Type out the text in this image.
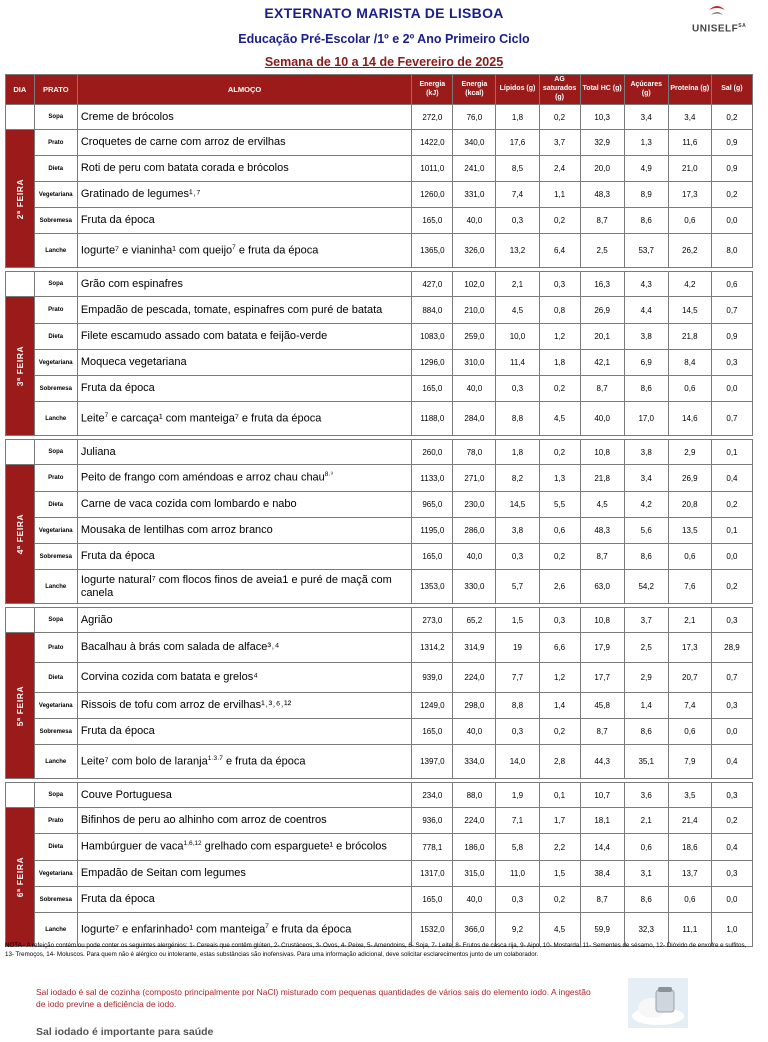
EXTERNATO MARISTA DE LISBOA
Educação Pré-Escolar /1º e 2º Ano Primeiro Ciclo
Semana de 10 a 14 de Fevereiro de 2025
$UNISELF^{SA}$
DIA	PRATO	ALMOÇO	Energia (kJ)	Energia (kcal)	Lípidos (g)	AG saturados (g)	Total HC (g)	Açúcares (g)	Proteína (g)	Sal (g)
	Sopa	Creme de brócolos	272,0	76,0	1,8	0,2	10,3	3,4	3,4	0,2

2ª FEIRA	Prato	Croquetes de carne com arroz de ervilhas	1422,0	340,0	17,6	3,7	32,9	1,3	11,6	0,9
	Dieta	Roti de peru com batata corada e brócolos	1011,0	241,0	8,5	2,4	20,0	4,9	21,0	0,9
	Vegetariana	Gratinado de legumes¹˒⁷	1260,0	331,0	7,4	1,1	48,3	8,9	17,3	0,2
	Sobremesa	Fruta da época	165,0	40,0	0,3	0,2	8,7	8,6	0,6	0,0
	Lanche	Iogurte⁷ e vianinha¹ com queijo$^7$ e fruta da época	1365,0	326,0	13,2	6,4	2,5	53,7	26,2	8,0

	Sopa	Grão com espinafres	427,0	102,0	2,1	0,3	16,3	4,3	4,2	0,6

3ª FEIRA	Prato	Empadão de pescada, tomate, espinafres com puré de batata	884,0	210,0	4,5	0,8	26,9	4,4	14,5	0,7
	Dieta	Filete escamudo assado com batata e feijão-verde	1083,0	259,0	10,0	1,2	20,1	3,8	21,8	0,9
	Vegetariana	Moqueca vegetariana	1296,0	310,0	11,4	1,8	42,1	6,9	8,4	0,3
	Sobremesa	Fruta da época	165,0	40,0	0,3	0,2	8,7	8,6	0,6	0,0
	Lanche	Leite$^7$ e carcaça¹ com manteiga⁷ e fruta da época	1188,0	284,0	8,8	4,5	40,0	17,0	14,6	0,7

	Sopa	Juliana	260,0	78,0	1,8	0,2	10,8	3,8	2,9	0,1

4ª FEIRA	Prato	Peito de frango com améndoas e arroz chau chau$^{8˒^3}$	1133,0	271,0	8,2	1,3	21,8	3,4	26,9	0,4
	Dieta	Carne de vaca cozida com lombardo e nabo	965,0	230,0	14,5	5,5	4,5	4,2	20,8	0,2
	Vegetariana	Mousaka de lentilhas com arroz branco	1195,0	286,0	3,8	0,6	48,3	5,6	13,5	0,1
	Sobremesa	Fruta da época	165,0	40,0	0,3	0,2	8,7	8,6	0,6	0,0
	Lanche	Iogurte natural⁷ com flocos finos de aveia1 e puré de maçã com canela	1353,0	330,0	5,7	2,6	63,0	54,2	7,6	0,2

	Sopa	Agrião	273,0	65,2	1,5	0,3	10,8	3,7	2,1	0,3

5ª FEIRA	Prato	Bacalhau à brás com salada de alface³˒⁴	1314,2	314,9	19	6,6	17,9	2,5	17,3	28,9
	Dieta	Corvina cozida com batata e grelos⁴	939,0	224,0	7,7	1,2	17,7	2,9	20,7	0,7
	Vegetariana	Rissois de tofu com arroz de ervilhas¹˒³˒⁶˒¹²	1249,0	298,0	8,8	1,4	45,8	1,4	7,4	0,3
	Sobremesa	Fruta da época	165,0	40,0	0,3	0,2	8,7	8,6	0,6	0,0
	Lanche	Leite⁷ com bolo de laranja$^{1˒3˒7}$ e fruta da época	1397,0	334,0	14,0	2,8	44,3	35,1	7,9	0,4

	Sopa	Couve Portuguesa	234,0	88,0	1,9	0,1	10,7	3,6	3,5	0,3

6ª FEIRA	Prato	Bifinhos de peru ao alhinho com arroz de coentros	936,0	224,0	7,1	1,7	18,1	2,1	21,4	0,2
	Dieta	Hambúrguer de vaca$^{1,6,12}$ grelhado com esparguete¹ e brócolos	778,1	186,0	5,8	2,2	14,4	0,6	18,6	0,4
	Vegetariana	Empadão de Seitan com legumes	1317,0	315,0	11,0	1,5	38,4	3,1	13,7	0,3
	Sobremesa	Fruta da época	165,0	40,0	0,3	0,2	8,7	8,6	0,6	0,0
	Lanche	Iogurte⁷ e enfarinhado¹ com manteiga$^7$ e fruta da época	1532,0	366,0	9,2	4,5	59,9	32,3	11,1	1,0
NOTA– A refeição contém ou pode conter os seguintes alergénios: 1- Cereais que contêm glúten, 2- Crustáceos, 3- Ovos, 4- Peixe, 5- Amendoins, 6- Soja, 7- Leite, 8- Frutos de casca rija, 9- Aipo, 10- Mostarda, 11- Sementes de sésamo, 12- Dióxido de enxofre e sulfitos, 13- Tremoços, 14- Moluscos. Para quem não é alérgico ou intolerante, estas substâncias são inofensivas. Para uma informação adicional, deve solicitar esclarecimentos junto de um colaborador.
Sal iodado é sal de cozinha (composto principalmente por NaCl) misturado com pequenas quantidades de vários sais do elemento iodo. A ingestão de iodo previne a deficiência de iodo.
Sal iodado é importante para saúde
